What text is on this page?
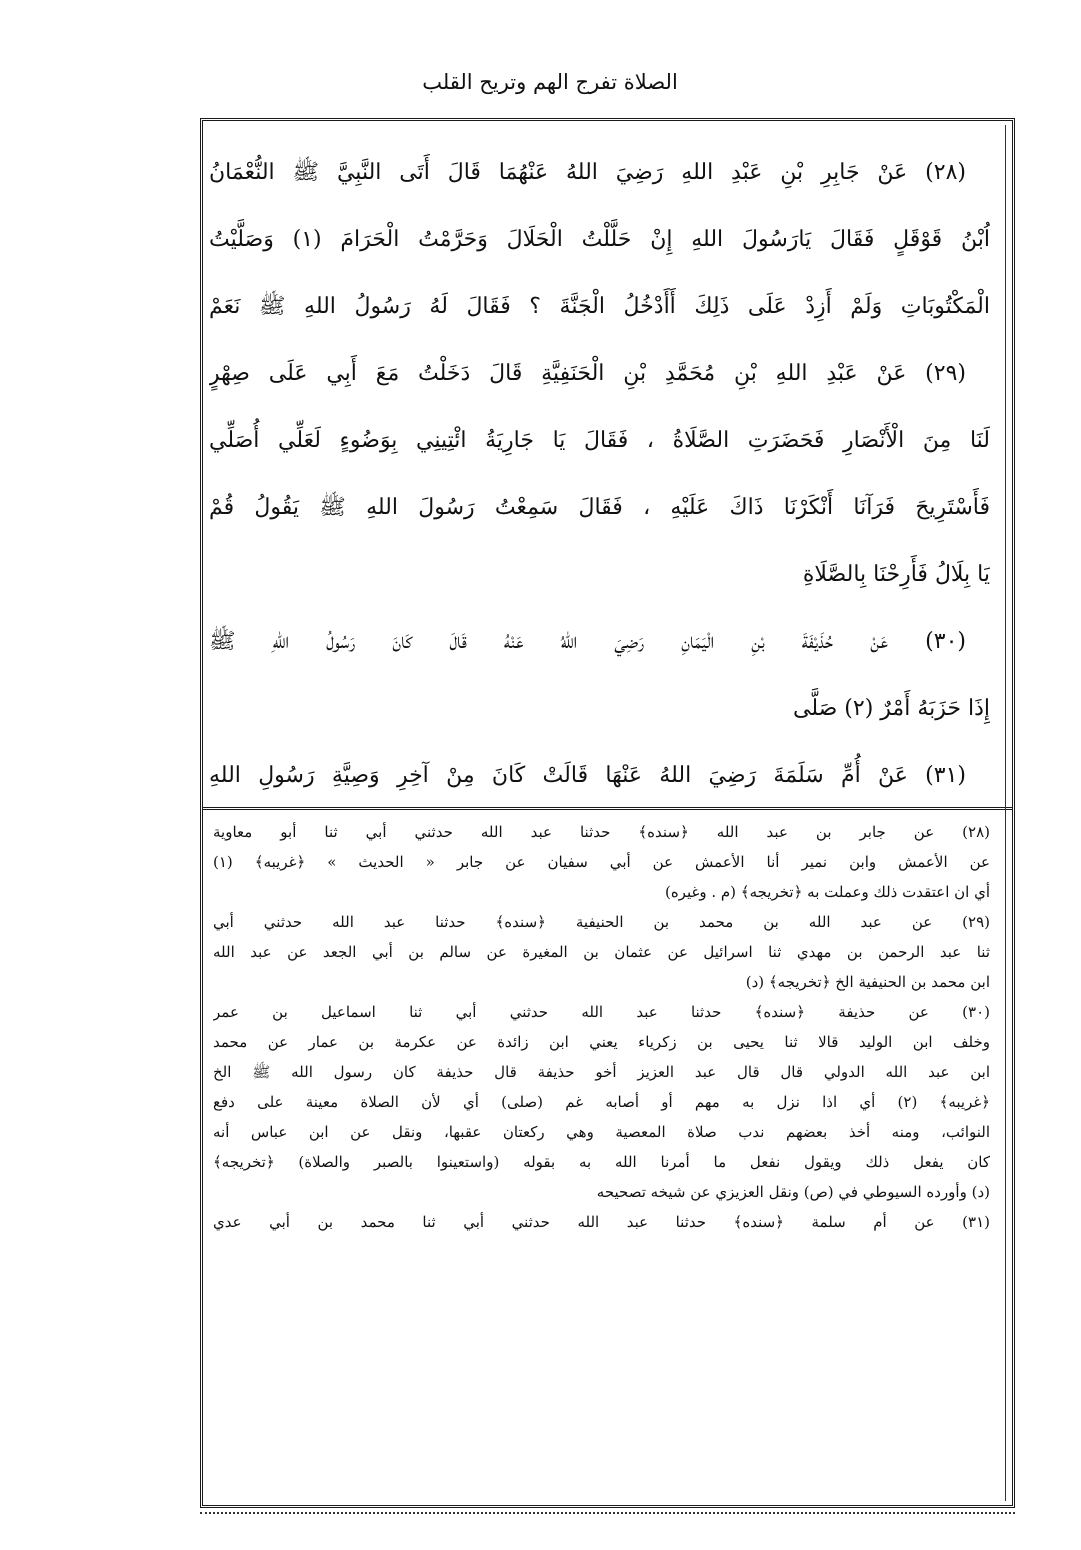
الصلاة تفرج الهم وتريح القلب
(٢٨) عَنْ جَابِرِ بْنِ عَبْدِ اللهِ رَضِيَ اللهُ عَنْهُمَا قَالَ أَتَى النَّبِيَّ ﷺ النُّعْمَانُ
اُبْنُ قَوْقَلٍ فَقَالَ يَارَسُولَ اللهِ إِنْ حَلَّلْتُ الْحَلَالَ وَحَرَّمْتُ الْحَرَامَ (١) وَصَلَّيْتُ
الْمَكْتُوبَاتِ وَلَمْ أَزِدْ عَلَى ذَلِكَ أَأَدْخُلُ الْجَنَّةَ ؟ فَقَالَ لَهُ رَسُولُ اللهِ ﷺ نَعَمْ
(٢٩) عَنْ عَبْدِ اللهِ بْنِ مُحَمَّدِ بْنِ الْحَنَفِيَّةِ قَالَ دَخَلْتُ مَعَ أَبِي عَلَى صِهْرٍ
لَنَا مِنَ الْأَنْصَارِ فَحَضَرَتِ الصَّلَاةُ ، فَقَالَ يَا جَارِيَةُ ائْتِينِي بِوَضُوءٍ لَعَلِّي أُصَلِّي
فَأَسْتَرِيحَ فَرَآنَا أَنْكَرْنَا ذَاكَ عَلَيْهِ ، فَقَالَ سَمِعْتُ رَسُولَ اللهِ ﷺ يَقُولُ قُمْ
يَا بِلَالُ فَأَرِحْنَا بِالصَّلَاةِ
(٣٠) عَنْ حُذَيْفَةَ بْنِ الْيَمَانِ رَضِيَ اللهُ عَنْهُ قَالَ كَانَ رَسُولُ اللهِ ﷺ
إِذَا حَزَبَهُ أَمْرٌ (٢) صَلَّى
(٣١) عَنْ أُمِّ سَلَمَةَ رَضِيَ اللهُ عَنْهَا قَالَتْ كَانَ مِنْ آخِرِ وَصِيَّةِ رَسُولِ اللهِ
(٢٨) عن جابر بن عبد الله ﴿سنده﴾ حدثنا عبد الله حدثني أبي ثنا أبو معاوية
عن الأعمش وابن نمير أنا الأعمش عن أبي سفيان عن جابر « الحديث » ﴿غريبه﴾ (١)
أي ان اعتقدت ذلك وعملت به ﴿تخريجه﴾ (م . وغيره)
(٢٩) عن عبد الله بن محمد بن الحنيفية ﴿سنده﴾ حدثنا عبد الله حدثني أبي
ثنا عبد الرحمن بن مهدي ثنا اسرائيل عن عثمان بن المغيرة عن سالم بن أبي الجعد عن عبد الله
ابن محمد بن الحنيفية الخ ﴿تخريجه﴾ (د)
(٣٠) عن حذيفة ﴿سنده﴾ حدثنا عبد الله حدثني أبي ثنا اسماعيل بن عمر
وخلف ابن الوليد قالا ثنا يحيى بن زكرياء يعني ابن زائدة عن عكرمة بن عمار عن محمد
ابن عبد الله الدولي قال قال عبد العزيز أخو حذيفة قال حذيفة كان رسول الله ﷺ الخ
﴿غريبه﴾ (٢) أي اذا نزل به مهم أو أصابه غم (صلى) أي لأن الصلاة معينة على دفع
النوائب، ومنه أخذ بعضهم ندب صلاة المعصية وهي ركعتان عقبها، ونقل عن ابن عباس أنه
كان يفعل ذلك ويقول نفعل ما أمرنا الله به بقوله (واستعينوا بالصبر والصلاة) ﴿تخريجه﴾
(د) وأورده السيوطي في (ص) ونقل العزيزي عن شيخه تصحيحه
(٣١) عن أم سلمة ﴿سنده﴾ حدثنا عبد الله حدثني أبي ثنا محمد بن أبي عدي
